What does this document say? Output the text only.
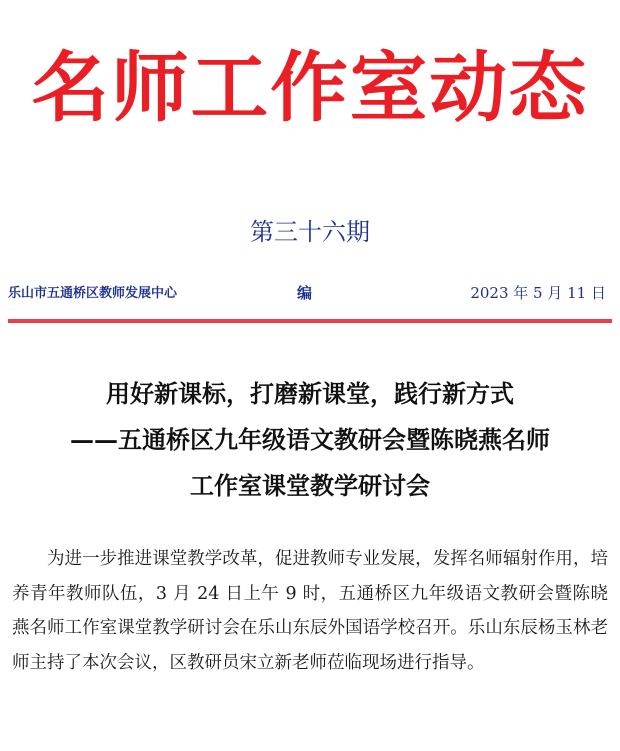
名师工作室动态
第三十六期
乐山市五通桥区教师发展中心	编	2023 年 5 月 11 日
用好新课标，打磨新课堂，践行新方式
——五通桥区九年级语文教研会暨陈晓燕名师
工作室课堂教学研讨会

为进一步推进课堂教学改革，促进教师专业发展，发挥名师辐射作用，培养青年教师队伍，3 月 24 日上午 9 时，五通桥区九年级语文教研会暨陈晓燕名师工作室课堂教学研讨会在乐山东辰外国语学校召开。乐山东辰杨玉林老师主持了本次会议，区教研员宋立新老师莅临现场进行指导。
